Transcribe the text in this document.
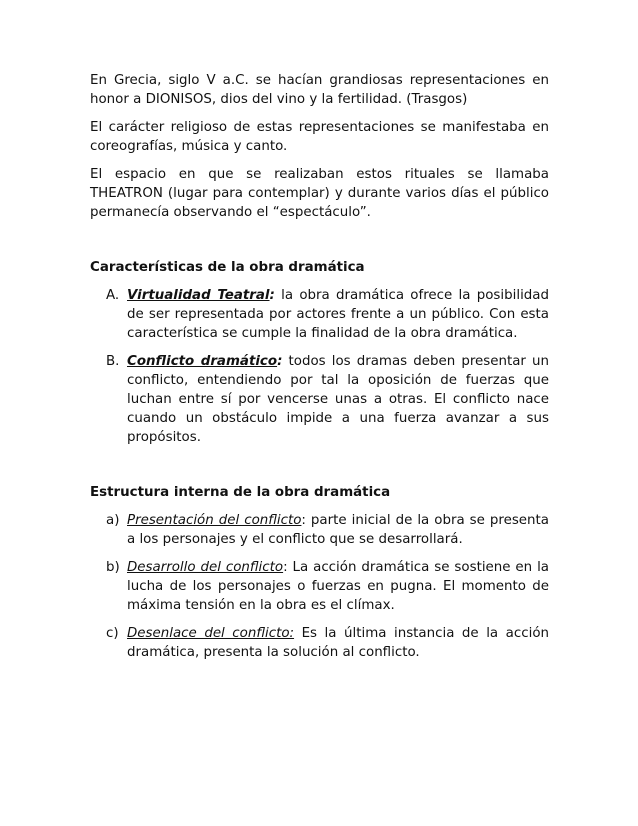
En Grecia, siglo V a.C. se hacían grandiosas representaciones en honor a DIONISOS, dios del vino y la fertilidad. (Trasgos)

El carácter religioso de estas representaciones se manifestaba en coreografías, música y canto.

El espacio en que se realizaban estos rituales se llamaba THEATRON (lugar para contemplar) y durante varios días el público permanecía observando el “espectáculo”.

Características de la obra dramática
A. Virtualidad Teatral: la obra dramática ofrece la posibilidad de ser representada por actores frente a un público. Con esta característica se cumple la finalidad de la obra dramática.
B. Conflicto dramático: todos los dramas deben presentar un conflicto, entendiendo por tal la oposición de fuerzas que luchan entre sí por vencerse unas a otras. El conflicto nace cuando un obstáculo impide a una fuerza avanzar a sus propósitos.
Estructura interna de la obra dramática
a) Presentación del conflicto: parte inicial de la obra se presenta a los personajes y el conflicto que se desarrollará.
b) Desarrollo del conflicto: La acción dramática se sostiene en la lucha de los personajes o fuerzas en pugna. El momento de máxima tensión en la obra es el clímax.
c) Desenlace del conflicto: Es la última instancia de la acción dramática, presenta la solución al conflicto.
